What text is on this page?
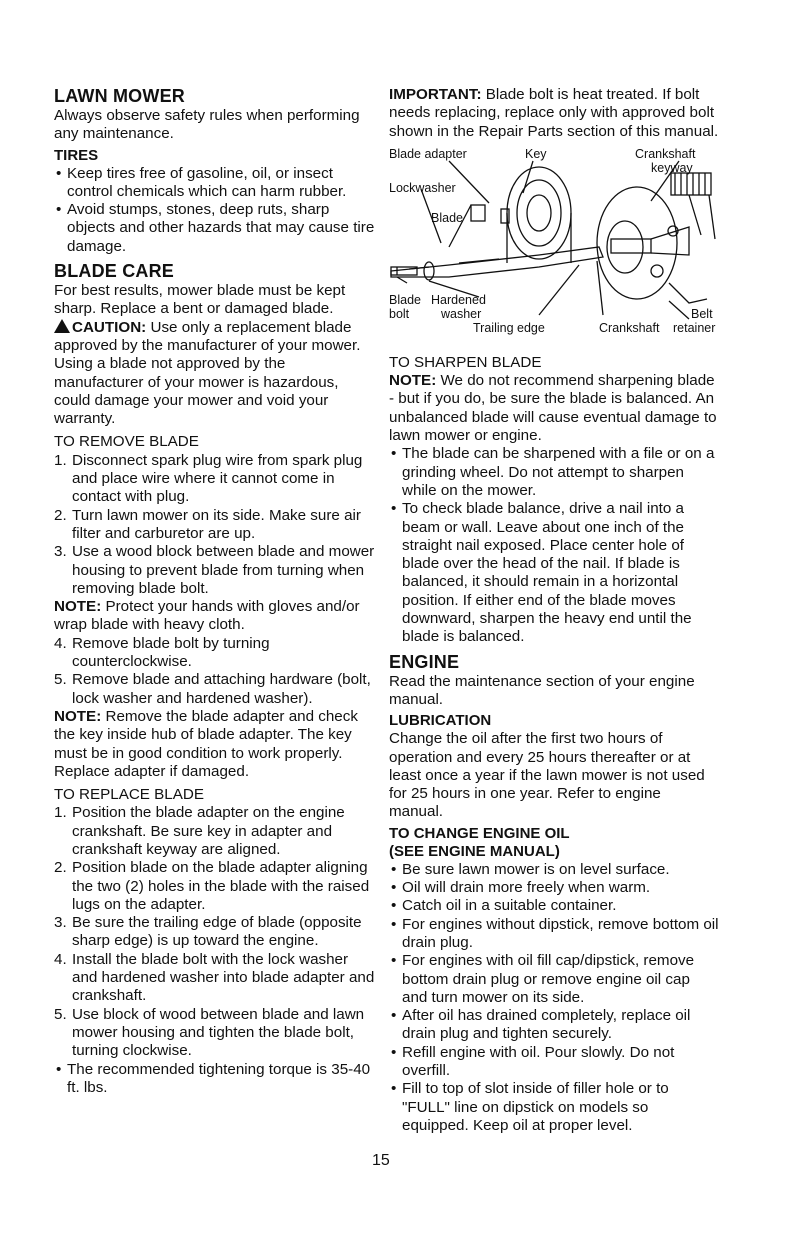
LAWN MOWER

Always observe safety rules when performing any maintenance.

TIRES
• Keep tires free of gasoline, oil, or insect control chemicals which can harm rubber.
• Avoid stumps, stones, deep ruts, sharp objects and other hazards that may cause tire damage.
BLADE CARE

For best results, mower blade must be kept sharp. Replace a bent or damaged blade.

CAUTION: Use only a replacement blade approved by the manufacturer of your mower. Using a blade not approved by the manufacturer of your mower is hazardous, could damage your mower and void your warranty.

TO REMOVE BLADE

1. Disconnect spark plug wire from spark plug and place wire where it cannot come in contact with plug.
2. Turn lawn mower on its side. Make sure air filter and carburetor are up.
3. Use a wood block between blade and mower housing to prevent blade from turning when removing blade bolt.

NOTE: Protect your hands with gloves and/or wrap blade with heavy cloth.

4. Remove blade bolt by turning counterclockwise.
5. Remove blade and attaching hardware (bolt, lock washer and hardened washer).

NOTE: Remove the blade adapter and check the key inside hub of blade adapter. The key must be in good condition to work properly. Replace adapter if damaged.

TO REPLACE BLADE

1. Position the blade adapter on the engine crankshaft. Be sure key in adapter and crankshaft keyway are aligned.
2. Position blade on the blade adapter aligning the two (2) holes in the blade with the raised lugs on the adapter.
3. Be sure the trailing edge of blade (opposite sharp edge) is up toward the engine.
4. Install the blade bolt with the lock washer and hardened washer into blade adapter and crankshaft.
5. Use block of wood between blade and lawn mower housing and tighten the blade bolt, turning clockwise.
• The recommended tightening torque is 35-40 ft. lbs.

IMPORTANT: Blade bolt is heat treated. If bolt needs replacing, replace only with approved bolt shown in the Repair Parts section of this manual.

Blade adapter	Key	Crankshaft
keyway
Lockwasher
Blade
Blade
bolt
Hardened
washer
Trailing edge	Crankshaft
Belt
retainer

TO SHARPEN BLADE

NOTE: We do not recommend sharpening blade - but if you do, be sure the blade is balanced. An unbalanced blade will cause eventual damage to lawn mower or engine.

• The blade can be sharpened with a file or on a grinding wheel. Do not attempt to sharpen while on the mower.
• To check blade balance, drive a nail into a beam or wall. Leave about one inch of the straight nail exposed. Place center hole of blade over the head of the nail. If blade is balanced, it should remain in a horizontal position. If either end of the blade moves downward, sharpen the heavy end until the blade is balanced.
ENGINE

Read the maintenance section of your engine manual.

LUBRICATION

Change the oil after the first two hours of operation and every 25 hours thereafter or at least once a year if the lawn mower is not used for 25 hours in one year. Refer to engine manual.

TO CHANGE ENGINE OIL
(SEE ENGINE MANUAL)
• Be sure lawn mower is on level surface.
• Oil will drain more freely when warm.
• Catch oil in a suitable container.
• For engines without dipstick, remove bottom oil drain plug.
• For engines with oil fill cap/dipstick, remove bottom drain plug or remove engine oil cap and turn mower on its side.
• After oil has drained completely, replace oil drain plug and tighten securely.
• Refill engine with oil. Pour slowly. Do not overfill.
• Fill to top of slot inside of filler hole or to "FULL" line on dipstick on models so equipped. Keep oil at proper level.
15
